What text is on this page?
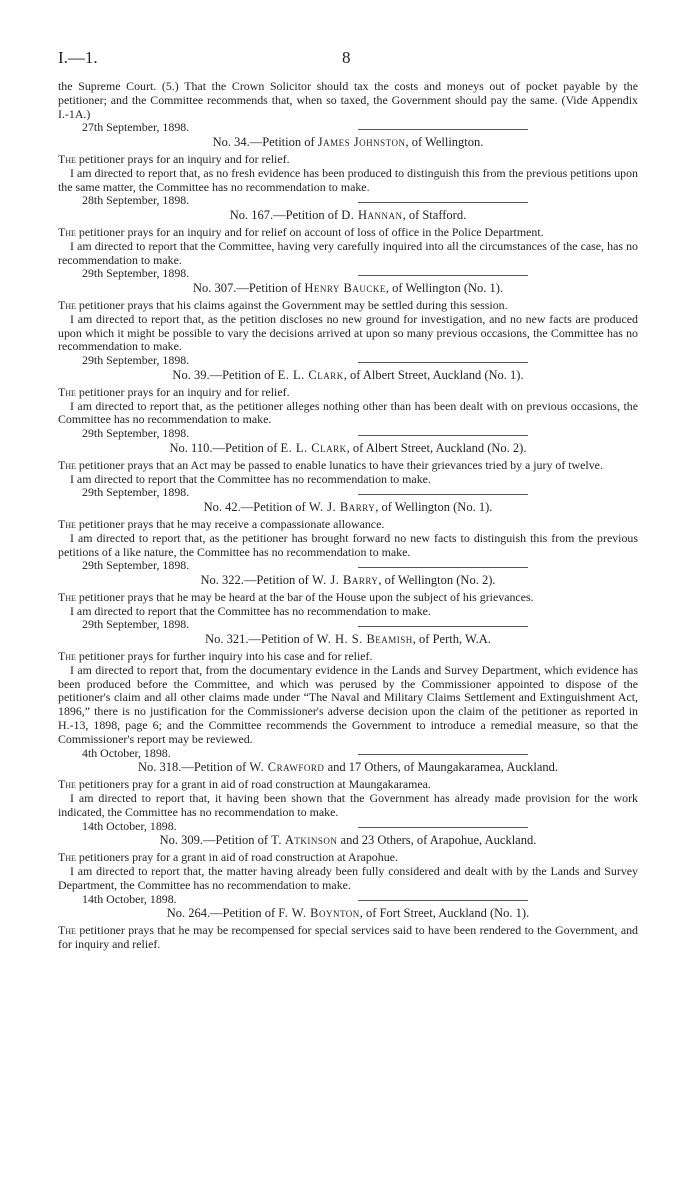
I.—1.	8

the Supreme Court. (5.) That the Crown Solicitor should tax the costs and moneys out of pocket payable by the petitioner; and the Committee recommends that, when so taxed, the Government should pay the same. (Vide Appendix I.-1A.)

27th September, 1898.

No. 34.—Petition of James Johnston, of Wellington.

The petitioner prays for an inquiry and for relief.

I am directed to report that, as no fresh evidence has been produced to distinguish this from the previous petitions upon the same matter, the Committee has no recommendation to make.

28th September, 1898.

No. 167.—Petition of D. Hannan, of Stafford.

The petitioner prays for an inquiry and for relief on account of loss of office in the Police Department.

I am directed to report that the Committee, having very carefully inquired into all the circumstances of the case, has no recommendation to make.

29th September, 1898.

No. 307.—Petition of Henry Baucke, of Wellington (No. 1).

The petitioner prays that his claims against the Government may be settled during this session.

I am directed to report that, as the petition discloses no new ground for investigation, and no new facts are produced upon which it might be possible to vary the decisions arrived at upon so many previous occasions, the Committee has no recommendation to make.

29th September, 1898.

No. 39.—Petition of E. L. Clark, of Albert Street, Auckland (No. 1).

The petitioner prays for an inquiry and for relief.

I am directed to report that, as the petitioner alleges nothing other than has been dealt with on previous occasions, the Committee has no recommendation to make.

29th September, 1898.

No. 110.—Petition of E. L. Clark, of Albert Street, Auckland (No. 2).

The petitioner prays that an Act may be passed to enable lunatics to have their grievances tried by a jury of twelve.

I am directed to report that the Committee has no recommendation to make.

29th September, 1898.

No. 42.—Petition of W. J. Barry, of Wellington (No. 1).

The petitioner prays that he may receive a compassionate allowance.

I am directed to report that, as the petitioner has brought forward no new facts to distinguish this from the previous petitions of a like nature, the Committee has no recommendation to make.

29th September, 1898.

No. 322.—Petition of W. J. Barry, of Wellington (No. 2).

The petitioner prays that he may be heard at the bar of the House upon the subject of his grievances.

I am directed to report that the Committee has no recommendation to make.

29th September, 1898.

No. 321.—Petition of W. H. S. Beamish, of Perth, W.A.

The petitioner prays for further inquiry into his case and for relief.

I am directed to report that, from the documentary evidence in the Lands and Survey Department, which evidence has been produced before the Committee, and which was perused by the Commissioner appointed to dispose of the petitioner's claim and all other claims made under “The Naval and Military Claims Settlement and Extinguishment Act, 1896,” there is no justification for the Commissioner's adverse decision upon the claim of the petitioner as reported in H.-13, 1898, page 6; and the Committee recommends the Government to introduce a remedial measure, so that the Commissioner's report may be reviewed.

4th October, 1898.

No. 318.—Petition of W. Crawford and 17 Others, of Maungakaramea, Auckland.

The petitioners pray for a grant in aid of road construction at Maungakaramea.

I am directed to report that, it having been shown that the Government has already made provision for the work indicated, the Committee has no recommendation to make.

14th October, 1898.

No. 309.—Petition of T. Atkinson and 23 Others, of Arapohue, Auckland.

The petitioners pray for a grant in aid of road construction at Arapohue.

I am directed to report that, the matter having already been fully considered and dealt with by the Lands and Survey Department, the Committee has no recommendation to make.

14th October, 1898.

No. 264.—Petition of F. W. Boynton, of Fort Street, Auckland (No. 1).

The petitioner prays that he may be recompensed for special services said to have been rendered to the Government, and for inquiry and relief.
